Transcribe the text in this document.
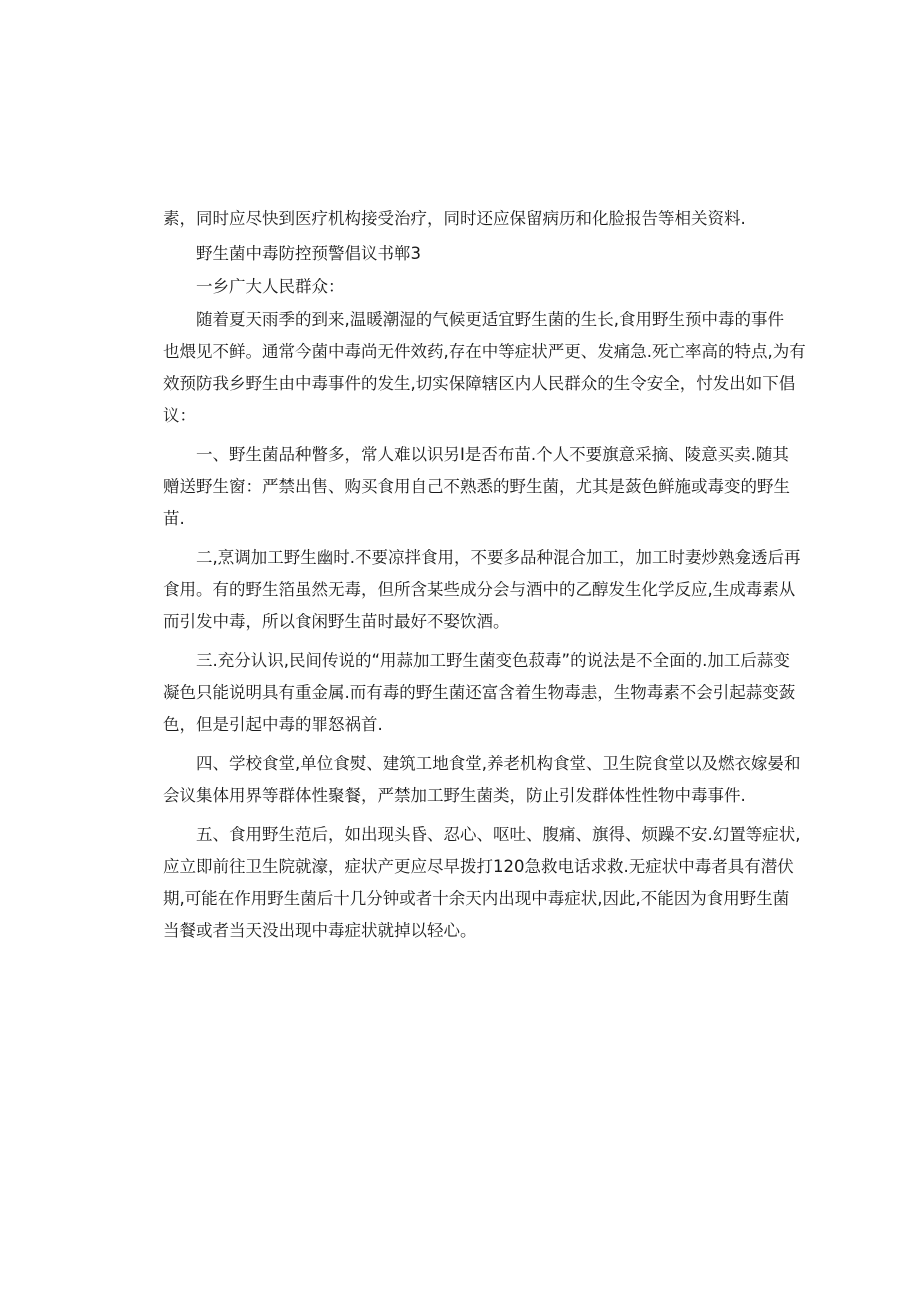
素，同时应尽快到医疗机构接受治疗，同时还应保留病历和化脸报告等相关资料.
野生菌中毒防控预警倡议书郸3
一乡广大人民群众：
随着夏天雨季的到来,温暖潮湿的气候更适宜野生菌的生长,食用野生预中毒的事件
也煨见不鲜。通常今菌中毒尚无件效药,存在中等症状严更、发痛急.死亡率高的特点,为有
效预防我乡野生由中毒事件的发生,切实保障辖区内人民群众的生令安全，忖发出如下倡
议：
一、野生菌品种瞥多，常人难以识另I是否布苗.个人不要旗意采摘、陵意买卖.随其
赠送野生窗：严禁出售、购买食用自己不熟悉的野生菌，尤其是蔹色鲜施或毒变的野生
苗.
二,烹调加工野生幽时.不要凉拌食用，不要多品种混合加工，加工时妻炒熟龛透后再
食用。有的野生箔虽然无毒，但所含某些成分会与酒中的乙醇发生化学反应,生成毒素从
而引发中毒，所以食闲野生苗时最好不娶饮酒。
三.充分认识,民间传说的“用蒜加工野生菌变色菽毒”的说法是不全面的.加工后蒜变
凝色只能说明具有重金属.而有毒的野生菌还富含着生物毒恚，生物毒素不会引起蒜变蔹
色，但是引起中毒的罪怒祸首.
四、学校食堂,单位食熨、建筑工地食堂,养老机构食堂、卫生院食堂以及燃衣嫁晏和
会议集体用界等群体性聚餐，严禁加工野生菌类，防止引发群体性性物中毒事件.
五、食用野生范后，如出现头昏、忍心、呕吐、腹痛、旗得、烦躁不安.幻置等症状,
应立即前往卫生院就濠，症状产更应尽早拨打120急救电话求救.无症状中毒者具有潜伏
期,可能在作用野生菌后十几分钟或者十余天内出现中毒症状,因此,不能因为食用野生菌
当餐或者当天没出现中毒症状就掉以轻心。
